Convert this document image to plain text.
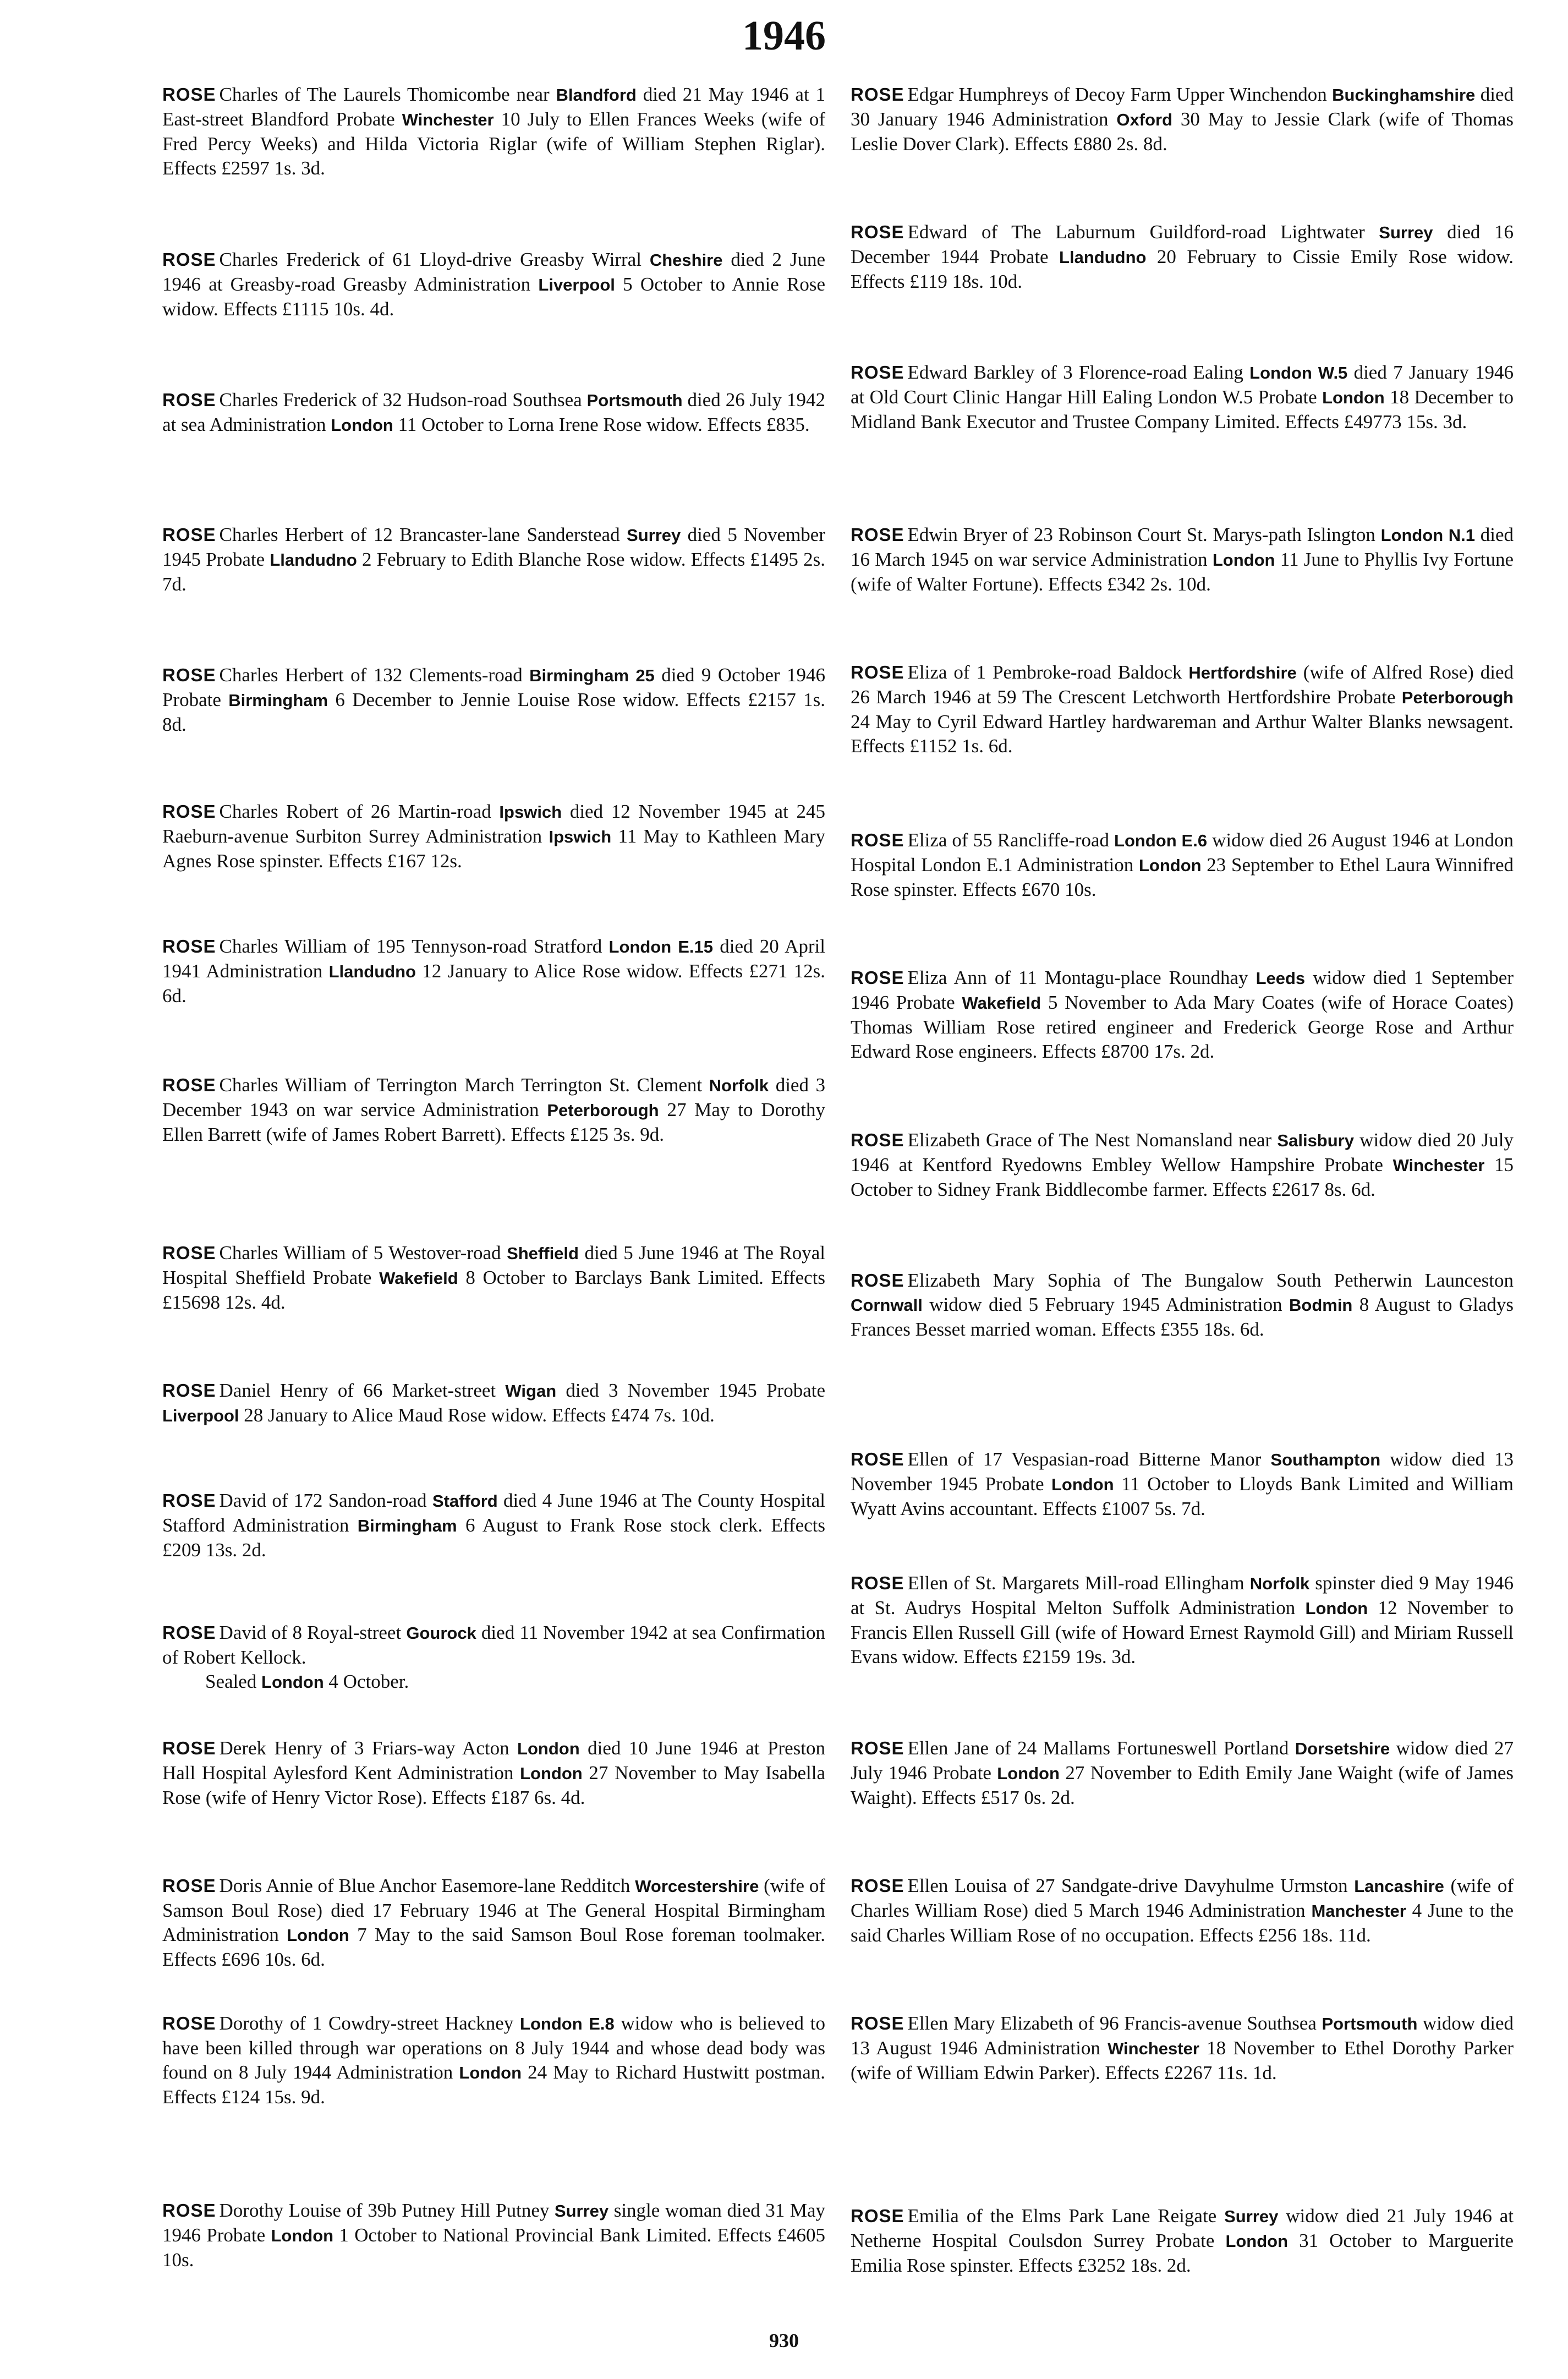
1946

ROSE Charles of The Laurels Thomicombe near Blandford died 21 May 1946 at 1 East-street Blandford Probate Winchester 10 July to Ellen Frances Weeks (wife of Fred Percy Weeks) and Hilda Victoria Riglar (wife of William Stephen Riglar). Effects £2597 1s. 3d.

ROSE Charles Frederick of 61 Lloyd-drive Greasby Wirral Cheshire died 2 June 1946 at Greasby-road Greasby Administration Liverpool 5 October to Annie Rose widow. Effects £1115 10s. 4d.

ROSE Charles Frederick of 32 Hudson-road Southsea Portsmouth died 26 July 1942 at sea Administration London 11 October to Lorna Irene Rose widow. Effects £835.

ROSE Charles Herbert of 12 Brancaster-lane Sanderstead Surrey died 5 November 1945 Probate Llandudno 2 February to Edith Blanche Rose widow. Effects £1495 2s. 7d.

ROSE Charles Herbert of 132 Clements-road Birmingham 25 died 9 October 1946 Probate Birmingham 6 December to Jennie Louise Rose widow. Effects £2157 1s. 8d.

ROSE Charles Robert of 26 Martin-road Ipswich died 12 November 1945 at 245 Raeburn-avenue Surbiton Surrey Administration Ipswich 11 May to Kathleen Mary Agnes Rose spinster. Effects £167 12s.

ROSE Charles William of 195 Tennyson-road Stratford London E.15 died 20 April 1941 Administration Llandudno 12 January to Alice Rose widow. Effects £271 12s. 6d.

ROSE Charles William of Terrington March Terrington St. Clement Norfolk died 3 December 1943 on war service Administration Peterborough 27 May to Dorothy Ellen Barrett (wife of James Robert Barrett). Effects £125 3s. 9d.

ROSE Charles William of 5 Westover-road Sheffield died 5 June 1946 at The Royal Hospital Sheffield Probate Wakefield 8 October to Barclays Bank Limited. Effects £15698 12s. 4d.

ROSE Daniel Henry of 66 Market-street Wigan died 3 November 1945 Probate Liverpool 28 January to Alice Maud Rose widow. Effects £474 7s. 10d.

ROSE David of 172 Sandon-road Stafford died 4 June 1946 at The County Hospital Stafford Administration Birmingham 6 August to Frank Rose stock clerk. Effects £209 13s. 2d.

ROSE David of 8 Royal-street Gourock died 11 November 1942 at sea Confirmation of Robert Kellock.
Sealed London 4 October.

ROSE Derek Henry of 3 Friars-way Acton London died 10 June 1946 at Preston Hall Hospital Aylesford Kent Administration London 27 November to May Isabella Rose (wife of Henry Victor Rose). Effects £187 6s. 4d.

ROSE Doris Annie of Blue Anchor Easemore-lane Redditch Worcestershire (wife of Samson Boul Rose) died 17 February 1946 at The General Hospital Birmingham Administration London 7 May to the said Samson Boul Rose foreman toolmaker. Effects £696 10s. 6d.

ROSE Dorothy of 1 Cowdry-street Hackney London E.8 widow who is believed to have been killed through war operations on 8 July 1944 and whose dead body was found on 8 July 1944 Administration London 24 May to Richard Hustwitt postman. Effects £124 15s. 9d.

ROSE Dorothy Louise of 39b Putney Hill Putney Surrey single woman died 31 May 1946 Probate London 1 October to National Provincial Bank Limited. Effects £4605 10s.

ROSE Edgar Humphreys of Decoy Farm Upper Winchendon Buckinghamshire died 30 January 1946 Administration Oxford 30 May to Jessie Clark (wife of Thomas Leslie Dover Clark). Effects £880 2s. 8d.

ROSE Edward of The Laburnum Guildford-road Lightwater Surrey died 16 December 1944 Probate Llandudno 20 February to Cissie Emily Rose widow. Effects £119 18s. 10d.

ROSE Edward Barkley of 3 Florence-road Ealing London W.5 died 7 January 1946 at Old Court Clinic Hangar Hill Ealing London W.5 Probate London 18 December to Midland Bank Executor and Trustee Company Limited. Effects £49773 15s. 3d.

ROSE Edwin Bryer of 23 Robinson Court St. Marys-path Islington London N.1 died 16 March 1945 on war service Administration London 11 June to Phyllis Ivy Fortune (wife of Walter Fortune). Effects £342 2s. 10d.

ROSE Eliza of 1 Pembroke-road Baldock Hertfordshire (wife of Alfred Rose) died 26 March 1946 at 59 The Crescent Letchworth Hertfordshire Probate Peterborough 24 May to Cyril Edward Hartley hardwareman and Arthur Walter Blanks newsagent. Effects £1152 1s. 6d.

ROSE Eliza of 55 Rancliffe-road London E.6 widow died 26 August 1946 at London Hospital London E.1 Administration London 23 September to Ethel Laura Winnifred Rose spinster. Effects £670 10s.

ROSE Eliza Ann of 11 Montagu-place Roundhay Leeds widow died 1 September 1946 Probate Wakefield 5 November to Ada Mary Coates (wife of Horace Coates) Thomas William Rose retired engineer and Frederick George Rose and Arthur Edward Rose engineers. Effects £8700 17s. 2d.

ROSE Elizabeth Grace of The Nest Nomansland near Salisbury widow died 20 July 1946 at Kentford Ryedowns Embley Wellow Hampshire Probate Winchester 15 October to Sidney Frank Biddlecombe farmer. Effects £2617 8s. 6d.

ROSE Elizabeth Mary Sophia of The Bungalow South Petherwin Launceston Cornwall widow died 5 February 1945 Administration Bodmin 8 August to Gladys Frances Besset married woman. Effects £355 18s. 6d.

ROSE Ellen of 17 Vespasian-road Bitterne Manor Southampton widow died 13 November 1945 Probate London 11 October to Lloyds Bank Limited and William Wyatt Avins accountant. Effects £1007 5s. 7d.

ROSE Ellen of St. Margarets Mill-road Ellingham Norfolk spinster died 9 May 1946 at St. Audrys Hospital Melton Suffolk Administration London 12 November to Francis Ellen Russell Gill (wife of Howard Ernest Raymold Gill) and Miriam Russell Evans widow. Effects £2159 19s. 3d.

ROSE Ellen Jane of 24 Mallams Fortuneswell Portland Dorsetshire widow died 27 July 1946 Probate London 27 November to Edith Emily Jane Waight (wife of James Waight). Effects £517 0s. 2d.

ROSE Ellen Louisa of 27 Sandgate-drive Davyhulme Urmston Lancashire (wife of Charles William Rose) died 5 March 1946 Administration Manchester 4 June to the said Charles William Rose of no occupation. Effects £256 18s. 11d.

ROSE Ellen Mary Elizabeth of 96 Francis-avenue Southsea Portsmouth widow died 13 August 1946 Administration Winchester 18 November to Ethel Dorothy Parker (wife of William Edwin Parker). Effects £2267 11s. 1d.

ROSE Emilia of the Elms Park Lane Reigate Surrey widow died 21 July 1946 at Netherne Hospital Coulsdon Surrey Probate London 31 October to Marguerite Emilia Rose spinster. Effects £3252 18s. 2d.

930
